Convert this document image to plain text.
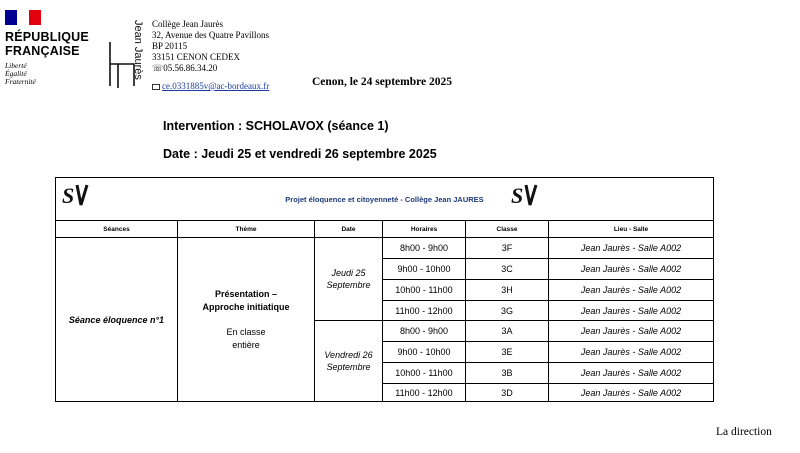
RÉPUBLIQUE
FRANÇAISE
Liberté
Égalité
Fraternité
Jean Jaurès Collège Jean Jaurès
32, Avenue des Quatre Pavillons
BP 20115
33151 CENON CEDEX
☏05.56.86.34.20
ce.0331885v@ac-bordeaux.fr	Cenon, le 24 septembre 2025
Intervention : SCHOLAVOX (séance 1)
Date : Jeudi 25 et vendredi 26 septembre 2025
S	S
Projet éloquence et citoyenneté - Collège Jean JAURES
Séances	Thème	Date	Horaires	Classe	Lieu - Salle
Séance éloquence n°1
Présentation –
Approche initiatique
En classe
entière
Jeudi 25
Septembre
Vendredi 26
Septembre
8h00 - 9h00	3F	Jean Jaurès - Salle A002
9h00 - 10h00	3C	Jean Jaurès - Salle A002
10h00 - 11h00	3H	Jean Jaurès - Salle A002
11h00 - 12h00	3G	Jean Jaurès - Salle A002
8h00 - 9h00	3A	Jean Jaurès - Salle A002
9h00 - 10h00	3E	Jean Jaurès - Salle A002
10h00 - 11h00	3B	Jean Jaurès - Salle A002
11h00 - 12h00	3D	Jean Jaurès - Salle A002
La direction
